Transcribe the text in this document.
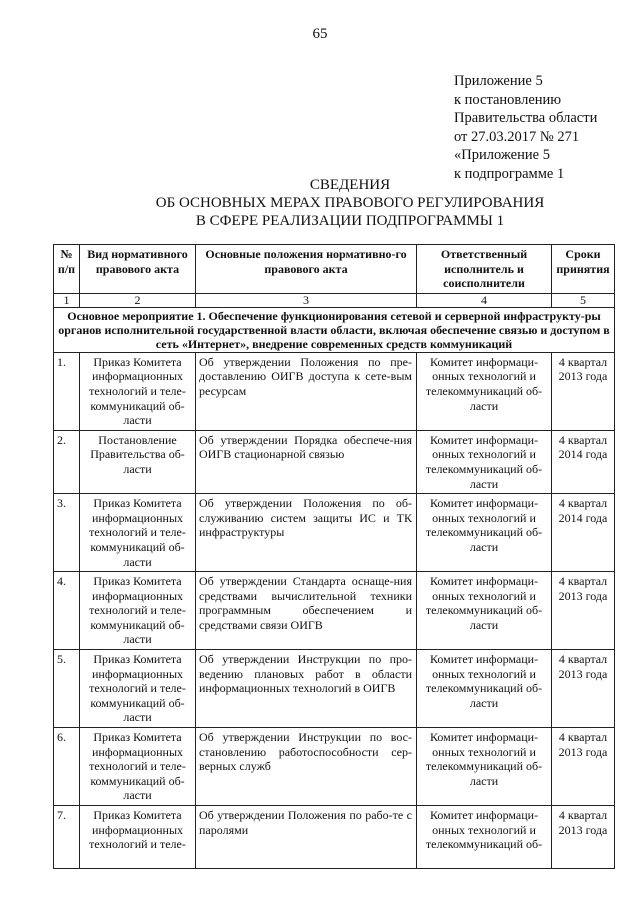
65
Приложение 5
к постановлению
Правительства области
от 27.03.2017 № 271
«Приложение 5
к подпрограмме 1
СВЕДЕНИЯ
ОБ ОСНОВНЫХ МЕРАХ ПРАВОВОГО РЕГУЛИРОВАНИЯ
В СФЕРЕ РЕАЛИЗАЦИИ ПОДПРОГРАММЫ 1
№ п/п	Вид нормативного правового акта	Основные положения нормативно-го правового акта	Ответственный исполнитель и соисполнители	Сроки принятия
1	2	3	4	5
Основное мероприятие 1. Обеспечение функционирования сетевой и серверной инфраструкту-ры органов исполнительной государственной власти области, включая обеспечение связью и доступом в сеть «Интернет», внедрение современных средств коммуникаций				
1.	Приказ Комитета информационных технологий и теле-коммуникаций об-ласти	Об утверждении Положения по пре-доставлению ОИГВ доступа к сете-вым ресурсам	Комитет информаци-онных технологий и телекоммуникаций об-ласти	4 квартал 2013 года
2.	Постановление Правительства об-ласти	Об утверждении Порядка обеспече-ния ОИГВ стационарной связью	Комитет информаци-онных технологий и телекоммуникаций об-ласти	4 квартал 2014 года
3.	Приказ Комитета информационных технологий и теле-коммуникаций об-ласти	Об утверждении Положения по об-служиванию систем защиты ИС и ТК инфраструктуры	Комитет информаци-онных технологий и телекоммуникаций об-ласти	4 квартал 2014 года
4.	Приказ Комитета информационных технологий и теле-коммуникаций об-ласти	Об утверждении Стандарта оснаще-ния средствами вычислительной техники программным обеспечением и средствами связи ОИГВ	Комитет информаци-онных технологий и телекоммуникаций об-ласти	4 квартал 2013 года
5.	Приказ Комитета информационных технологий и теле-коммуникаций об-ласти	Об утверждении Инструкции по про-ведению плановых работ в области информационных технологий в ОИГВ	Комитет информаци-онных технологий и телекоммуникаций об-ласти	4 квартал 2013 года
6.	Приказ Комитета информационных технологий и теле-коммуникаций об-ласти	Об утверждении Инструкции по вос-становлению работоспособности сер-верных служб	Комитет информаци-онных технологий и телекоммуникаций об-ласти	4 квартал 2013 года
7.	Приказ Комитета информационных технологий и теле-	Об утверждении Положения по рабо-те с паролями	Комитет информаци-онных технологий и телекоммуникаций об-	4 квартал 2013 года
